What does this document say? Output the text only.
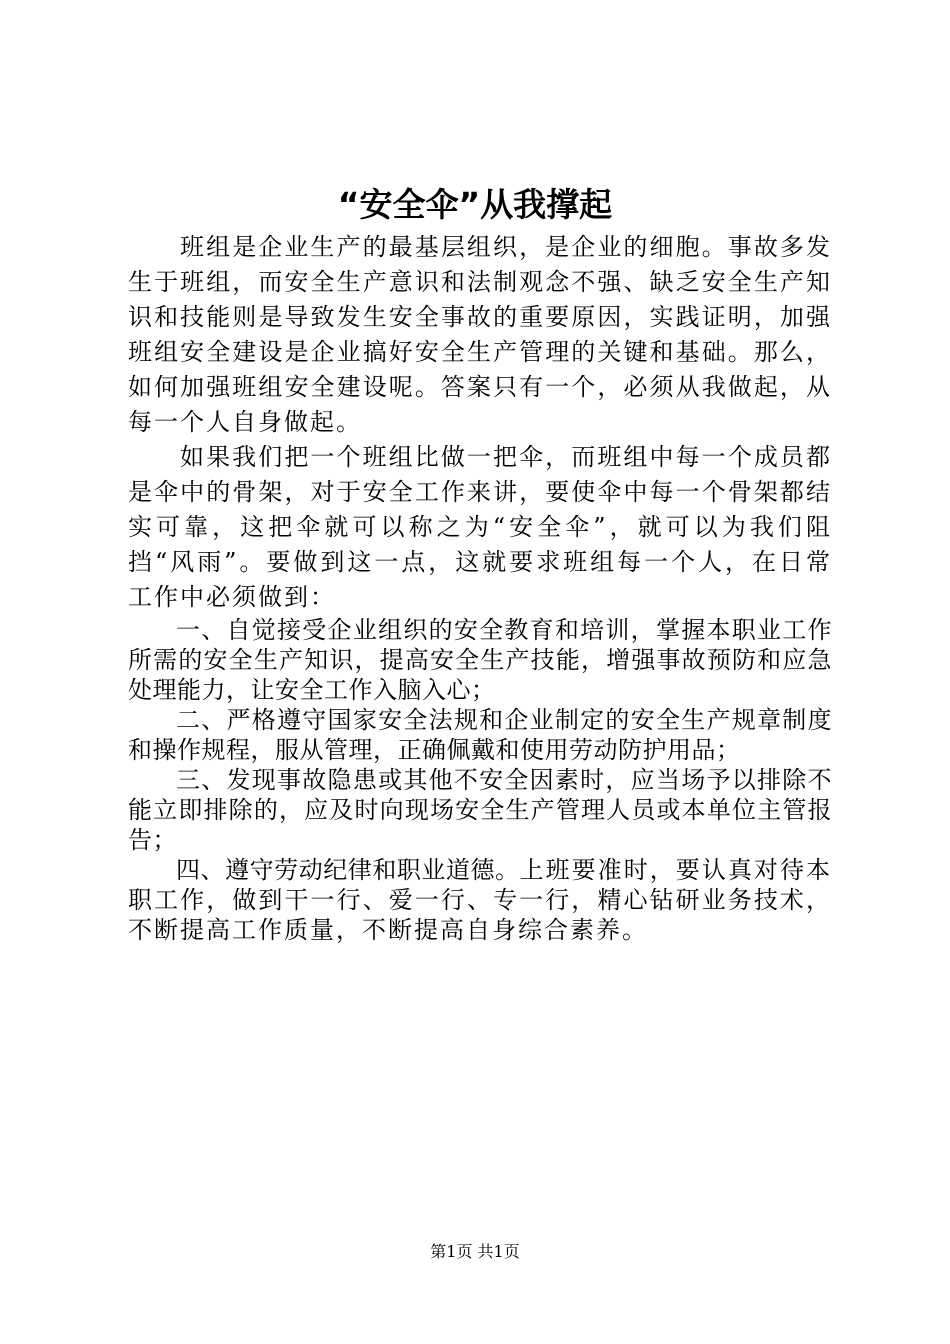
“安全伞”从我撑起

班组是企业生产的最基层组织，是企业的细胞。事故多发生于班组，而安全生产意识和法制观念不强、缺乏安全生产知识和技能则是导致发生安全事故的重要原因，实践证明，加强班组安全建设是企业搞好安全生产管理的关键和基础。那么，如何加强班组安全建设呢。答案只有一个，必须从我做起，从每一个人自身做起。

如果我们把一个班组比做一把伞，而班组中每一个成员都是伞中的骨架，对于安全工作来讲，要使伞中每一个骨架都结实可靠，这把伞就可以称之为“安全伞”，就可以为我们阻挡“风雨”。要做到这一点，这就要求班组每一个人，在日常工作中必须做到：

一、自觉接受企业组织的安全教育和培训，掌握本职业工作所需的安全生产知识，提高安全生产技能，增强事故预防和应急处理能力，让安全工作入脑入心；

二、严格遵守国家安全法规和企业制定的安全生产规章制度和操作规程，服从管理，正确佩戴和使用劳动防护用品；

三、发现事故隐患或其他不安全因素时，应当场予以排除不能立即排除的，应及时向现场安全生产管理人员或本单位主管报告；

四、遵守劳动纪律和职业道德。上班要准时，要认真对待本职工作，做到干一行、爱一行、专一行，精心钻研业务技术，不断提高工作质量，不断提高自身综合素养。

第1页 共1页
